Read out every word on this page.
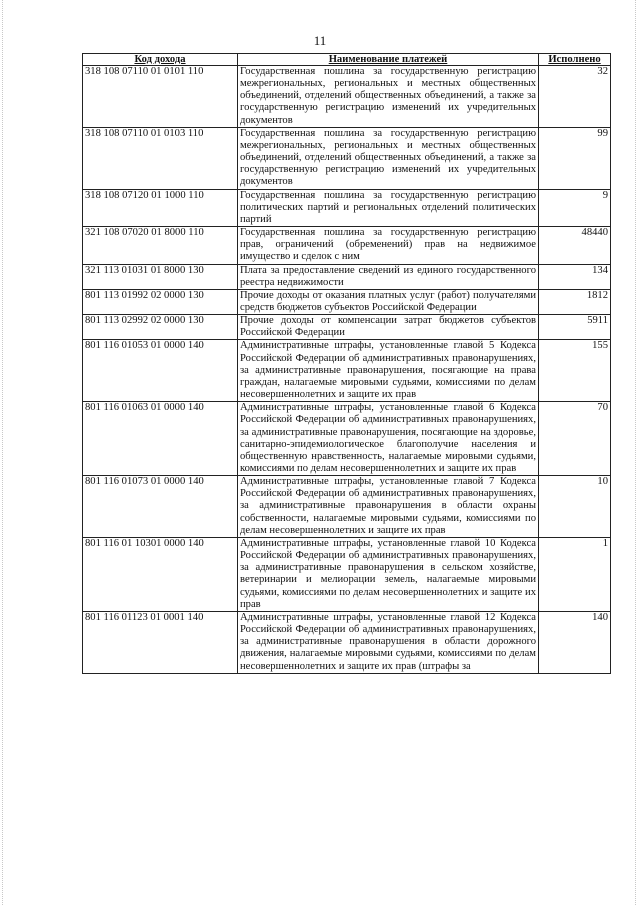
11
Код дохода	Наименование платежей	Исполнено
318 108 07110 01 0101 110	Государственная пошлина за государственную регистрацию межрегиональных, региональных и местных общественных объединений, отделений общественных объединений, а также за государственную регистрацию изменений их учредительных документов	32
318 108 07110 01 0103 110	Государственная пошлина за государственную регистрацию межрегиональных, региональных и местных общественных объединений, отделений общественных объединений, а также за государственную регистрацию изменений их учредительных документов	99
318 108 07120 01 1000 110	Государственная пошлина за государственную регистрацию политических партий и региональных отделений политических партий	9
321 108 07020 01 8000 110	Государственная пошлина за государственную регистрацию прав, ограничений (обременений) прав на недвижимое имущество и сделок с ним	48440
321 113 01031 01 8000 130	Плата за предоставление сведений из единого государственного реестра недвижимости	134
801 113 01992 02 0000 130	Прочие доходы от оказания платных услуг (работ) получателями средств бюджетов субъектов Российской Федерации	1812
801 113 02992 02 0000 130	Прочие доходы от компенсации затрат бюджетов субъектов Российской Федерации	5911
801 116 01053 01 0000 140	Административные штрафы, установленные главой 5 Кодекса Российской Федерации об административных правонарушениях, за административные правонарушения, посягающие на права граждан, налагаемые мировыми судьями, комиссиями по делам несовершеннолетних и защите их прав	155
801 116 01063 01 0000 140	Административные штрафы, установленные главой 6 Кодекса Российской Федерации об административных правонарушениях, за административные правонарушения, посягающие на здоровье, санитарно-эпидемиологическое благополучие населения и общественную нравственность, налагаемые мировыми судьями, комиссиями по делам несовершеннолетних и защите их прав	70
801 116 01073 01 0000 140	Административные штрафы, установленные главой 7 Кодекса Российской Федерации об административных правонарушениях, за административные правонарушения в области охраны собственности, налагаемые мировыми судьями, комиссиями по делам несовершеннолетних и защите их прав	10
801 116 01 10301 0000 140	Административные штрафы, установленные главой 10 Кодекса Российской Федерации об административных правонарушениях, за административные правонарушения в сельском хозяйстве, ветеринарии и мелиорации земель, налагаемые мировыми судьями, комиссиями по делам несовершеннолетних и защите их прав	1
801 116 01123 01 0001 140	Административные штрафы, установленные главой 12 Кодекса Российской Федерации об административных правонарушениях, за административные правонарушения в области дорожного движения, налагаемые мировыми судьями, комиссиями по делам несовершеннолетних и защите их прав (штрафы за	140
